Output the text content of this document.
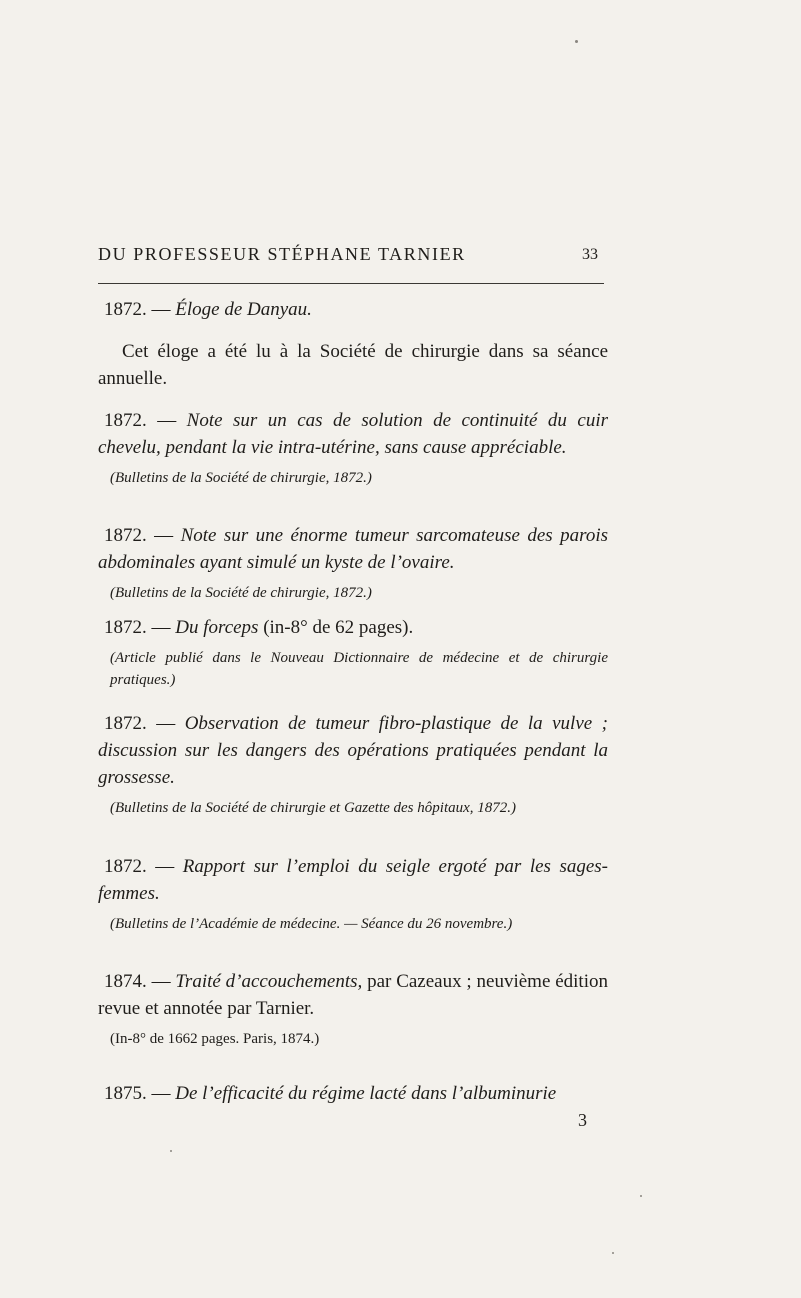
DU PROFESSEUR STÉPHANE TARNIER	33

1872. — Éloge de Danyau.

Cet éloge a été lu à la Société de chirurgie dans sa séance annuelle.

1872. — Note sur un cas de solution de continuité du cuir chevelu, pendant la vie intra-utérine, sans cause appréciable.

(Bulletins de la Société de chirurgie, 1872.)

1872. — Note sur une énorme tumeur sarcomateuse des parois abdominales ayant simulé un kyste de l’ovaire.

(Bulletins de la Société de chirurgie, 1872.)

1872. — Du forceps (in-8° de 62 pages).

(Article publié dans le Nouveau Dictionnaire de médecine et de chirurgie pratiques.)

1872. — Observation de tumeur fibro-plastique de la vulve ; discussion sur les dangers des opérations pratiquées pendant la grossesse.

(Bulletins de la Société de chirurgie et Gazette des hôpitaux, 1872.)

1872. — Rapport sur l’emploi du seigle ergoté par les sages-femmes.

(Bulletins de l’Académie de médecine. — Séance du 26 novembre.)

1874. — Traité d’accouchements, par Cazeaux ; neuvième édition revue et annotée par Tarnier.

(In-8° de 1662 pages. Paris, 1874.)

1875. — De l’efficacité du régime lacté dans l’albuminurie

3
